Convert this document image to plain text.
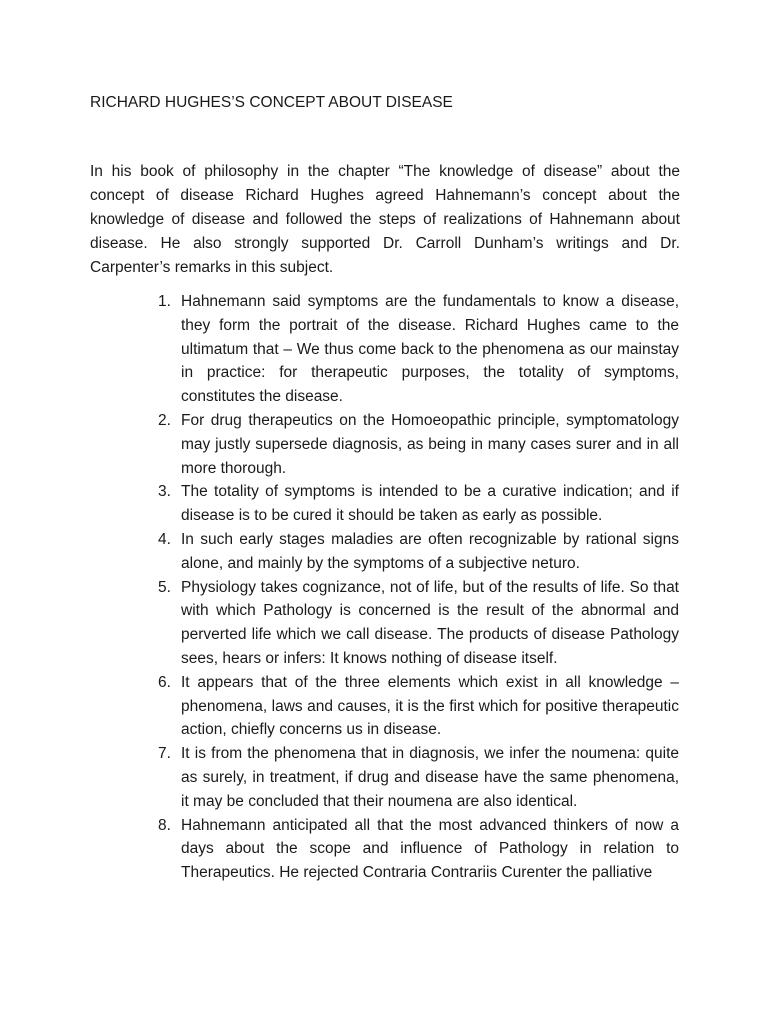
RICHARD HUGHES’S CONCEPT ABOUT DISEASE
In his book of philosophy in the chapter “The knowledge of disease” about the concept of disease Richard Hughes agreed Hahnemann’s concept about the knowledge of disease and followed the steps of realizations of Hahnemann about disease. He also strongly supported Dr. Carroll Dunham’s writings and Dr. Carpenter’s remarks in this subject.
1. Hahnemann said symptoms are the fundamentals to know a disease, they form the portrait of the disease. Richard Hughes came to the ultimatum that – We thus come back to the phenomena as our mainstay in practice: for therapeutic purposes, the totality of symptoms, constitutes the disease.
2. For drug therapeutics on the Homoeopathic principle, symptomatology may justly supersede diagnosis, as being in many cases surer and in all more thorough.
3. The totality of symptoms is intended to be a curative indication; and if disease is to be cured it should be taken as early as possible.
4. In such early stages maladies are often recognizable by rational signs alone, and mainly by the symptoms of a subjective neturo.
5. Physiology takes cognizance, not of life, but of the results of life. So that with which Pathology is concerned is the result of the abnormal and perverted life which we call disease. The products of disease Pathology sees, hears or infers: It knows nothing of disease itself.
6. It appears that of the three elements which exist in all knowledge – phenomena, laws and causes, it is the first which for positive therapeutic action, chiefly concerns us in disease.
7. It is from the phenomena that in diagnosis, we infer the noumena: quite as surely, in treatment, if drug and disease have the same phenomena, it may be concluded that their noumena are also identical.
8. Hahnemann anticipated all that the most advanced thinkers of now a days about the scope and influence of Pathology in relation to Therapeutics. He rejected Contraria Contrariis Curenter the palliative
